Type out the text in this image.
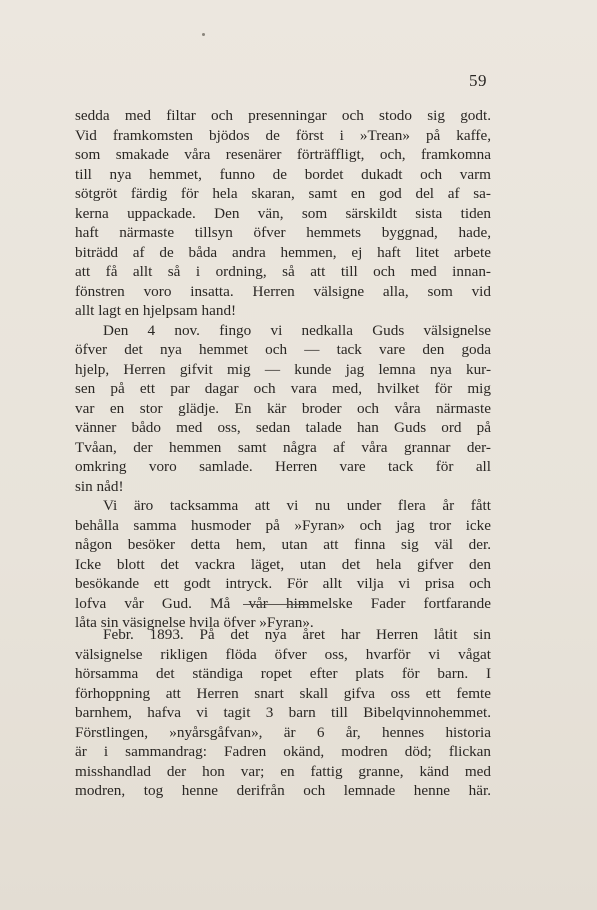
59
sedda med filtar och presenningar och stodo sig godt.
Vid framkomsten bjödos de först i »Trean» på kaffe,
som smakade våra resenärer förträffligt, och, framkomna
till nya hemmet, funno de bordet dukadt och varm
sötgröt färdig för hela skaran, samt en god del af sa-
kerna uppackade. Den vän, som särskildt sista tiden
haft närmaste tillsyn öfver hemmets byggnad, hade,
biträdd af de båda andra hemmen, ej haft litet arbete
att få allt så i ordning, så att till och med innan-
fönstren voro insatta. Herren välsigne alla, som vid
allt lagt en hjelpsam hand!
Den 4 nov. fingo vi nedkalla Guds välsignelse
öfver det nya hemmet och — tack vare den goda
hjelp, Herren gifvit mig — kunde jag lemna nya kur-
sen på ett par dagar och vara med, hvilket för mig
var en stor glädje. En kär broder och våra närmaste
vänner bådo med oss, sedan talade han Guds ord på
Tvåan, der hemmen samt några af våra grannar der-
omkring voro samlade. Herren vare tack för all
sin nåd!
Vi äro tacksamma att vi nu under flera år fått
behålla samma husmoder på »Fyran» och jag tror icke
någon besöker detta hem, utan att finna sig väl der.
Icke blott det vackra läget, utan det hela gifver den
besökande ett godt intryck. För allt vilja vi prisa och
lofva vår Gud. Må vår himmelske Fader fortfarande
låta sin väsignelse hvila öfver »Fyran».
Febr. 1893. På det nya året har Herren låtit sin
välsignelse rikligen flöda öfver oss, hvarför vi vågat
hörsamma det ständiga ropet efter plats för barn. I
förhoppning att Herren snart skall gifva oss ett femte
barnhem, hafva vi tagit 3 barn till Bibelqvinnohemmet.
Förstlingen, »nyårsgåfvan», är 6 år, hennes historia
är i sammandrag: Fadren okänd, modren död; flickan
misshandlad der hon var; en fattig granne, känd med
modren, tog henne derifrån och lemnade henne här.
